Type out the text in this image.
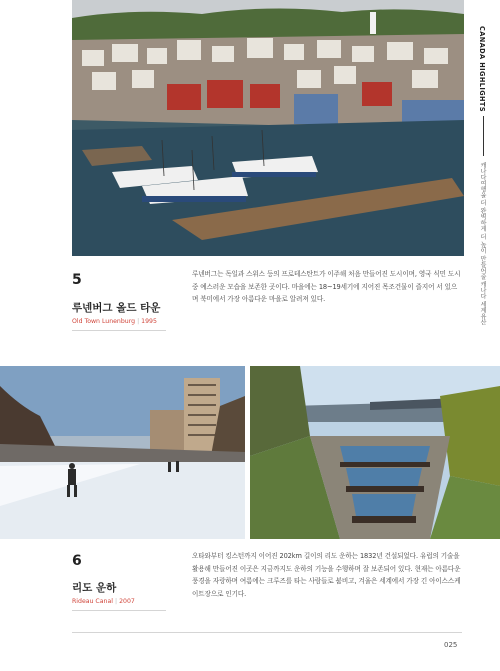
CANADA HIGHLIGHTS
캐나다여행을 더 완벽하게 더 높이 만들어줄 캐나다 세계유산
5
루넨버그 올드 타운
Old Town Lunenburg | 1995
루넨버그는 독일과 스위스 등의 프로테스탄트가 이주해 처음 만들어진 도시이며, 영국 식민 도시 중 예스러운 모습을 보존한 곳이다. 마을에는 18~19세기에 지어진 목조건물이 즐지어 서 있으며 북미에서 가장 아름다운 마을로 알려져 있다.
6
리도 운하
Rideau Canal | 2007
오타와부터 킹스턴까지 이어진 202km 길이의 리도 운하는 1832년 건설되었다. 유럽의 기술을 활용해 만들어진 이곳은 지금까지도 운하의 기능을 수행하며 잘 보존되어 있다. 현재는 아름다운 풍경을 자랑하며 여름에는 크루즈를 타는 사람들로 붐비고, 겨울은 세계에서 가장 긴 아이스스케이트장으로 인기다.
025
